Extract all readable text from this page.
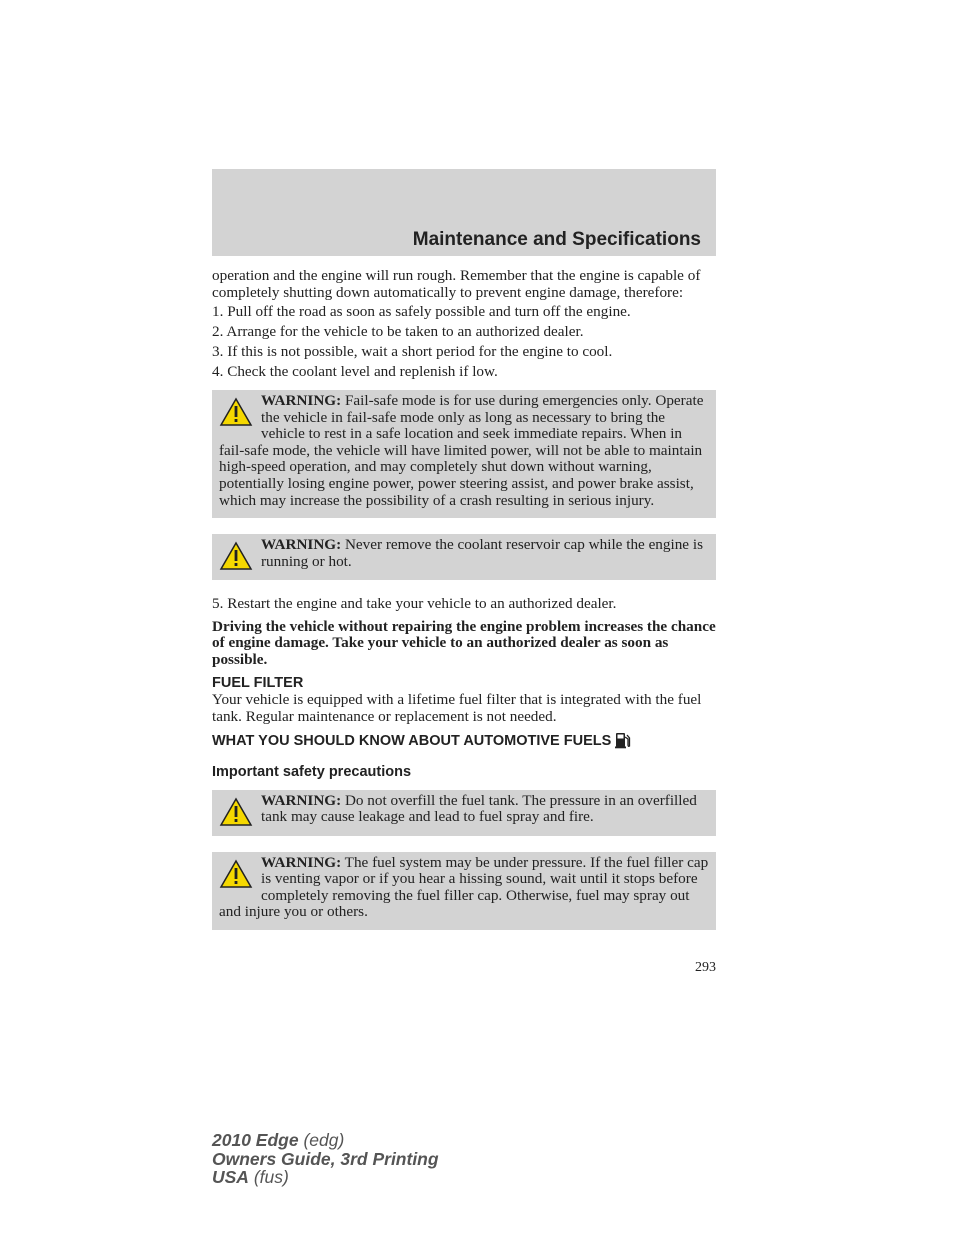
Maintenance and Specifications

operation and the engine will run rough. Remember that the engine is capable of completely shutting down automatically to prevent engine damage, therefore:

1. Pull off the road as soon as safely possible and turn off the engine.

2. Arrange for the vehicle to be taken to an authorized dealer.

3. If this is not possible, wait a short period for the engine to cool.

4. Check the coolant level and replenish if low.

WARNING: Fail-safe mode is for use during emergencies only. Operate the vehicle in fail-safe mode only as long as necessary to bring the vehicle to rest in a safe location and seek immediate repairs. When in fail-safe mode, the vehicle will have limited power, will not be able to maintain high-speed operation, and may completely shut down without warning, potentially losing engine power, power steering assist, and power brake assist, which may increase the possibility of a crash resulting in serious injury.
WARNING: Never remove the coolant reservoir cap while the engine is running or hot.

5. Restart the engine and take your vehicle to an authorized dealer.

Driving the vehicle without repairing the engine problem increases the chance of engine damage. Take your vehicle to an authorized dealer as soon as possible.

FUEL FILTER

Your vehicle is equipped with a lifetime fuel filter that is integrated with the fuel tank. Regular maintenance or replacement is not needed.

WHAT YOU SHOULD KNOW ABOUT AUTOMOTIVE FUELS

Important safety precautions

WARNING: Do not overfill the fuel tank. The pressure in an overfilled tank may cause leakage and lead to fuel spray and fire.
WARNING: The fuel system may be under pressure. If the fuel filler cap is venting vapor or if you hear a hissing sound, wait until it stops before completely removing the fuel filler cap. Otherwise, fuel may spray out and injure you or others.
293
2010 Edge (edg)
Owners Guide, 3rd Printing
USA (fus)
